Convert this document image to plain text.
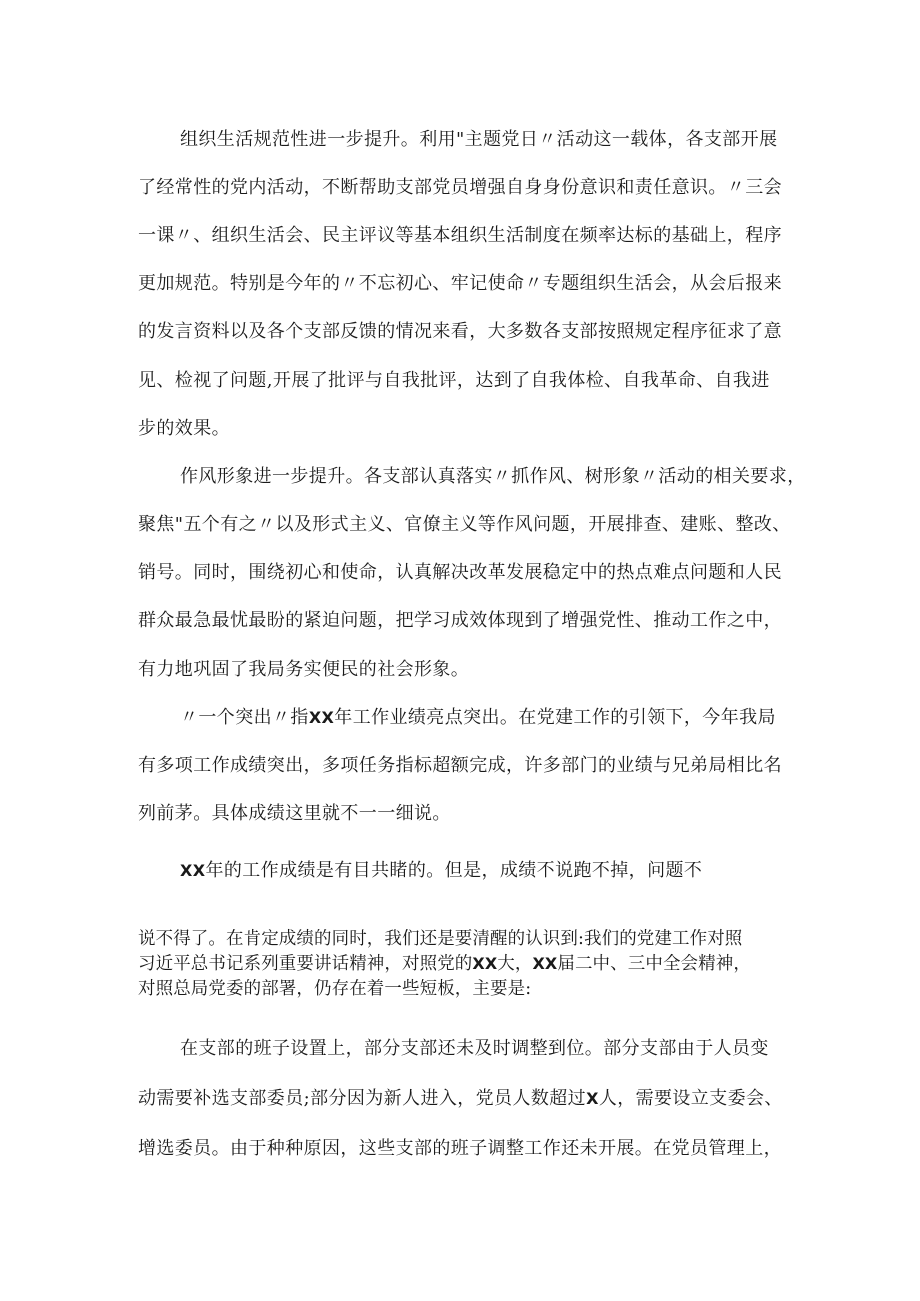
组织生活规范性进一步提升。利用"主题党日〃活动这一载体，各支部开展

了经常性的党内活动，不断帮助支部党员增强自身身份意识和责任意识。〃三会

一课〃、组织生活会、民主评议等基本组织生活制度在频率达标的基础上，程序

更加规范。特别是今年的〃不忘初心、牢记使命〃专题组织生活会，从会后报来

的发言资料以及各个支部反馈的情况来看，大多数各支部按照规定程序征求了意

见、检视了问题,开展了批评与自我批评，达到了自我体检、自我革命、自我进

步的效果。

作风形象进一步提升。各支部认真落实〃抓作风、树形象〃活动的相关要求，

聚焦"五个有之〃以及形式主义、官僚主义等作风问题，开展排查、建账、整改、

销号。同时，围绕初心和使命，认真解决改革发展稳定中的热点难点问题和人民

群众最急最忧最盼的紧迫问题，把学习成效体现到了增强党性、推动工作之中，

有力地巩固了我局务实便民的社会形象。

〃一个突出〃指XX年工作业绩亮点突出。在党建工作的引领下，今年我局

有多项工作成绩突出，多项任务指标超额完成，许多部门的业绩与兄弟局相比名

列前茅。具体成绩这里就不一一细说。

XX年的工作成绩是有目共睹的。但是，成绩不说跑不掉，问题不

说不得了。在肯定成绩的同时，我们还是要清醒的认识到:我们的党建工作对照

习近平总书记系列重要讲话精神，对照党的XX大，XX届二中、三中全会精神，

对照总局党委的部署，仍存在着一些短板，主要是:

在支部的班子设置上，部分支部还未及时调整到位。部分支部由于人员变

动需要补选支部委员;部分因为新人进入，党员人数超过X人，需要设立支委会、

增选委员。由于种种原因，这些支部的班子调整工作还未开展。在党员管理上，
